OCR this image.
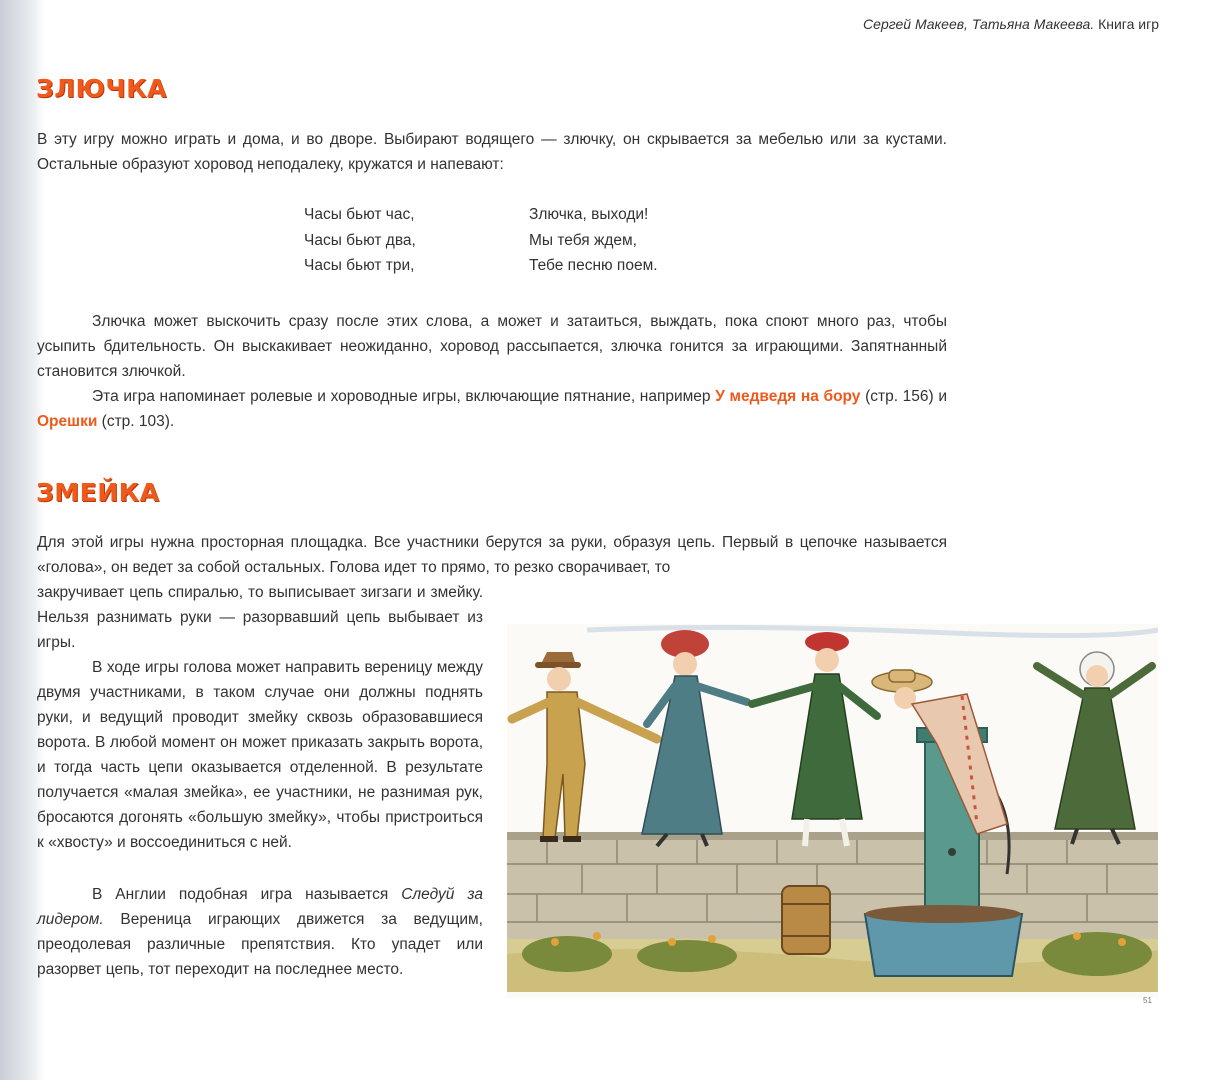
Сергей Макеев, Татьяна Макеева. Книга игр
ЗЛЮЧКА

В эту игру можно играть и дома, и во дворе. Выбирают водящего — злючку, он скрывается за мебелью или за кустами. Остальные образуют хоровод неподалеку, кружатся и напевают:

Часы бьют час,
Часы бьют два,
Часы бьют три,
Злючка, выходи!
Мы тебя ждем,
Тебе песню поем.

Злючка может выскочить сразу после этих слова, а может и затаиться, выждать, пока споют много раз, чтобы усыпить бдительность. Он выскакивает неожиданно, хоровод рассыпается, злючка гонится за играющими. Запятнанный становится злючкой.

Эта игра напоминает ролевые и хороводные игры, включающие пятнание, например У медведя на бору (стр. 156) и Орешки (стр. 103).

ЗМЕЙКА

Для этой игры нужна просторная площадка. Все участники берутся за руки, образуя цепь. Первый в цепочке называется «голова», он ведет за собой остальных. Голова идет то прямо, то резко сворачивает, то

закручивает цепь спиралью, то выписывает зигзаги и змейку. Нельзя разнимать руки — разорвавший цепь выбывает из игры.

В ходе игры голова может направить вереницу между двумя участниками, в таком случае они должны поднять руки, и ведущий проводит змейку сквозь образовавшиеся ворота. В любой момент он может приказать закрыть ворота, и тогда часть цепи оказывается отделенной. В результате получается «малая змейка», ее участники, не разнимая рук, бросаются догонять «большую змейку», чтобы пристроиться к «хвосту» и воссоединиться с ней.

В Англии подобная игра называется Следуй за лидером. Вереница играющих движется за ведущим, преодолевая различные препятствия. Кто упадет или разорвет цепь, тот переходит на последнее место.

51
